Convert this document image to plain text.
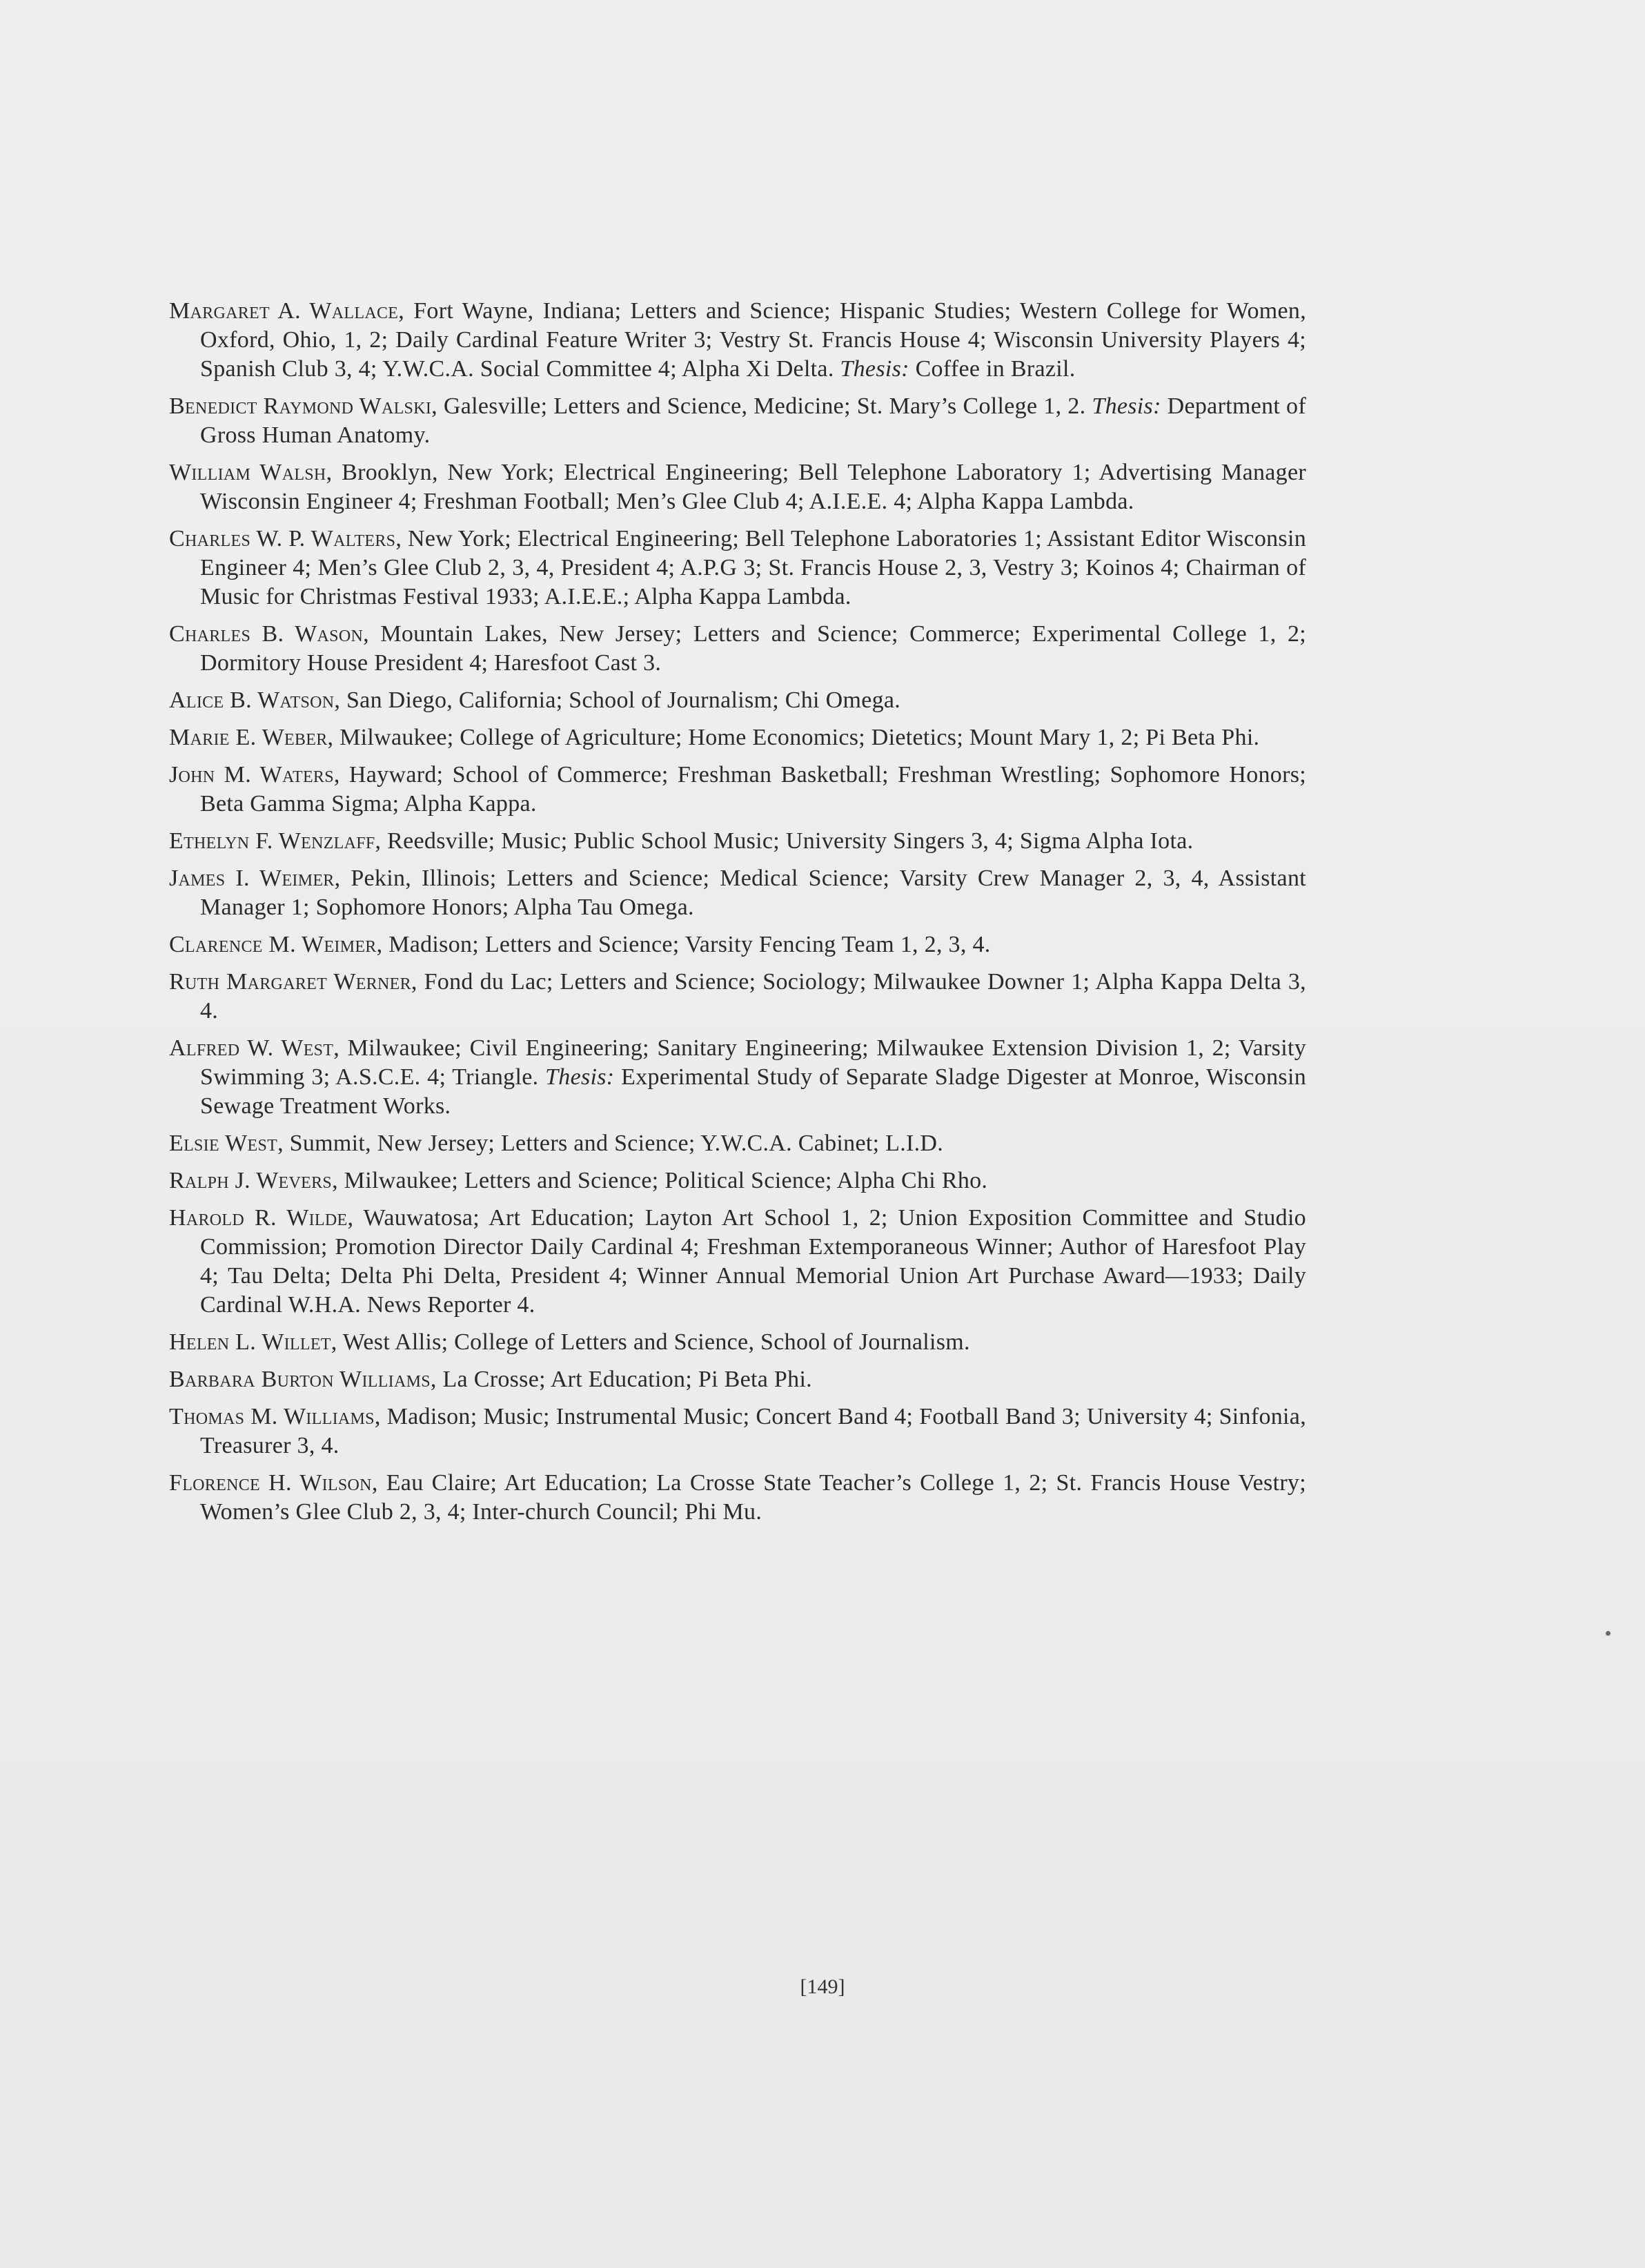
Margaret A. Wallace, Fort Wayne, Indiana; Letters and Science; Hispanic Studies; Western College for Women, Oxford, Ohio, 1, 2; Daily Cardinal Feature Writer 3; Vestry St. Francis House 4; Wisconsin University Players 4; Spanish Club 3, 4; Y.W.C.A. Social Committee 4; Alpha Xi Delta. Thesis: Coffee in Brazil.

Benedict Raymond Walski, Galesville; Letters and Science, Medicine; St. Mary’s College 1, 2. Thesis: Department of Gross Human Anatomy.

William Walsh, Brooklyn, New York; Electrical Engineering; Bell Telephone Laboratory 1; Advertising Manager Wisconsin Engineer 4; Freshman Football; Men’s Glee Club 4; A.I.E.E. 4; Alpha Kappa Lambda.

Charles W. P. Walters, New York; Electrical Engineering; Bell Telephone Laboratories 1; Assistant Editor Wisconsin Engineer 4; Men’s Glee Club 2, 3, 4, President 4; A.P.G 3; St. Francis House 2, 3, Vestry 3; Koinos 4; Chairman of Music for Christmas Festival 1933; A.I.E.E.; Alpha Kappa Lambda.

Charles B. Wason, Mountain Lakes, New Jersey; Letters and Science; Commerce; Experimental College 1, 2; Dormitory House President 4; Haresfoot Cast 3.

Alice B. Watson, San Diego, California; School of Journalism; Chi Omega.

Marie E. Weber, Milwaukee; College of Agriculture; Home Economics; Dietetics; Mount Mary 1, 2; Pi Beta Phi.

John M. Waters, Hayward; School of Commerce; Freshman Basketball; Freshman Wrestling; Sophomore Honors; Beta Gamma Sigma; Alpha Kappa.

Ethelyn F. Wenzlaff, Reedsville; Music; Public School Music; University Singers 3, 4; Sigma Alpha Iota.

James I. Weimer, Pekin, Illinois; Letters and Science; Medical Science; Varsity Crew Manager 2, 3, 4, Assistant Manager 1; Sophomore Honors; Alpha Tau Omega.

Clarence M. Weimer, Madison; Letters and Science; Varsity Fencing Team 1, 2, 3, 4.

Ruth Margaret Werner, Fond du Lac; Letters and Science; Sociology; Milwaukee Downer 1; Alpha Kappa Delta 3, 4.

Alfred W. West, Milwaukee; Civil Engineering; Sanitary Engineering; Milwaukee Extension Division 1, 2; Varsity Swimming 3; A.S.C.E. 4; Triangle. Thesis: Experimental Study of Separate Sladge Digester at Monroe, Wisconsin Sewage Treatment Works.

Elsie West, Summit, New Jersey; Letters and Science; Y.W.C.A. Cabinet; L.I.D.

Ralph J. Wevers, Milwaukee; Letters and Science; Political Science; Alpha Chi Rho.

Harold R. Wilde, Wauwatosa; Art Education; Layton Art School 1, 2; Union Exposition Committee and Studio Commission; Promotion Director Daily Cardinal 4; Freshman Extemporaneous Winner; Author of Haresfoot Play 4; Tau Delta; Delta Phi Delta, President 4; Winner Annual Memorial Union Art Purchase Award—1933; Daily Cardinal W.H.A. News Reporter 4.

Helen L. Willet, West Allis; College of Letters and Science, School of Journalism.

Barbara Burton Williams, La Crosse; Art Education; Pi Beta Phi.

Thomas M. Williams, Madison; Music; Instrumental Music; Concert Band 4; Football Band 3; University 4; Sinfonia, Treasurer 3, 4.

Florence H. Wilson, Eau Claire; Art Education; La Crosse State Teacher’s College 1, 2; St. Francis House Vestry; Women’s Glee Club 2, 3, 4; Inter-church Council; Phi Mu.

[149]
